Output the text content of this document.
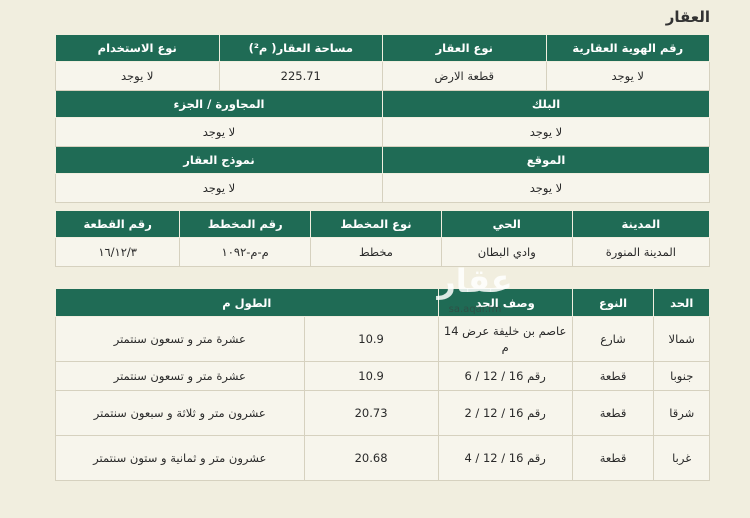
العقار
رقم الهوية العقارية	نوع العقار	مساحة العقار( م²)	نوع الاستخدام
لا يوجد	قطعة الارض	225.71	لا يوجد
البلك		المجاورة / الجزء	
لا يوجد		لا يوجد	
الموقع		نموذج العقار	
لا يوجد		لا يوجد	
المدينة	الحي	نوع المخطط	رقم المخطط	رقم القطعة
المدينة المنورة	وادي البطان	مخطط	م-م-١٠٩٢	١٦/١٢/٣
الحد	النوع	وصف الحد	الطول م	
شمالا	شارع	عاصم بن خليفة عرض 14 م	10.9	عشرة متر و تسعون سنتمتر
جنوبا	قطعة	رقم 16 / 12 / 6	10.9	عشرة متر و تسعون سنتمتر
شرقا	قطعة	رقم 16 / 12 / 2	20.73	عشرون متر و ثلاثة و سبعون سنتمتر
غربا	قطعة	رقم 16 / 12 / 4	20.68	عشرون متر و ثمانية و ستون سنتمتر
عقار
sa.aqar.fm
